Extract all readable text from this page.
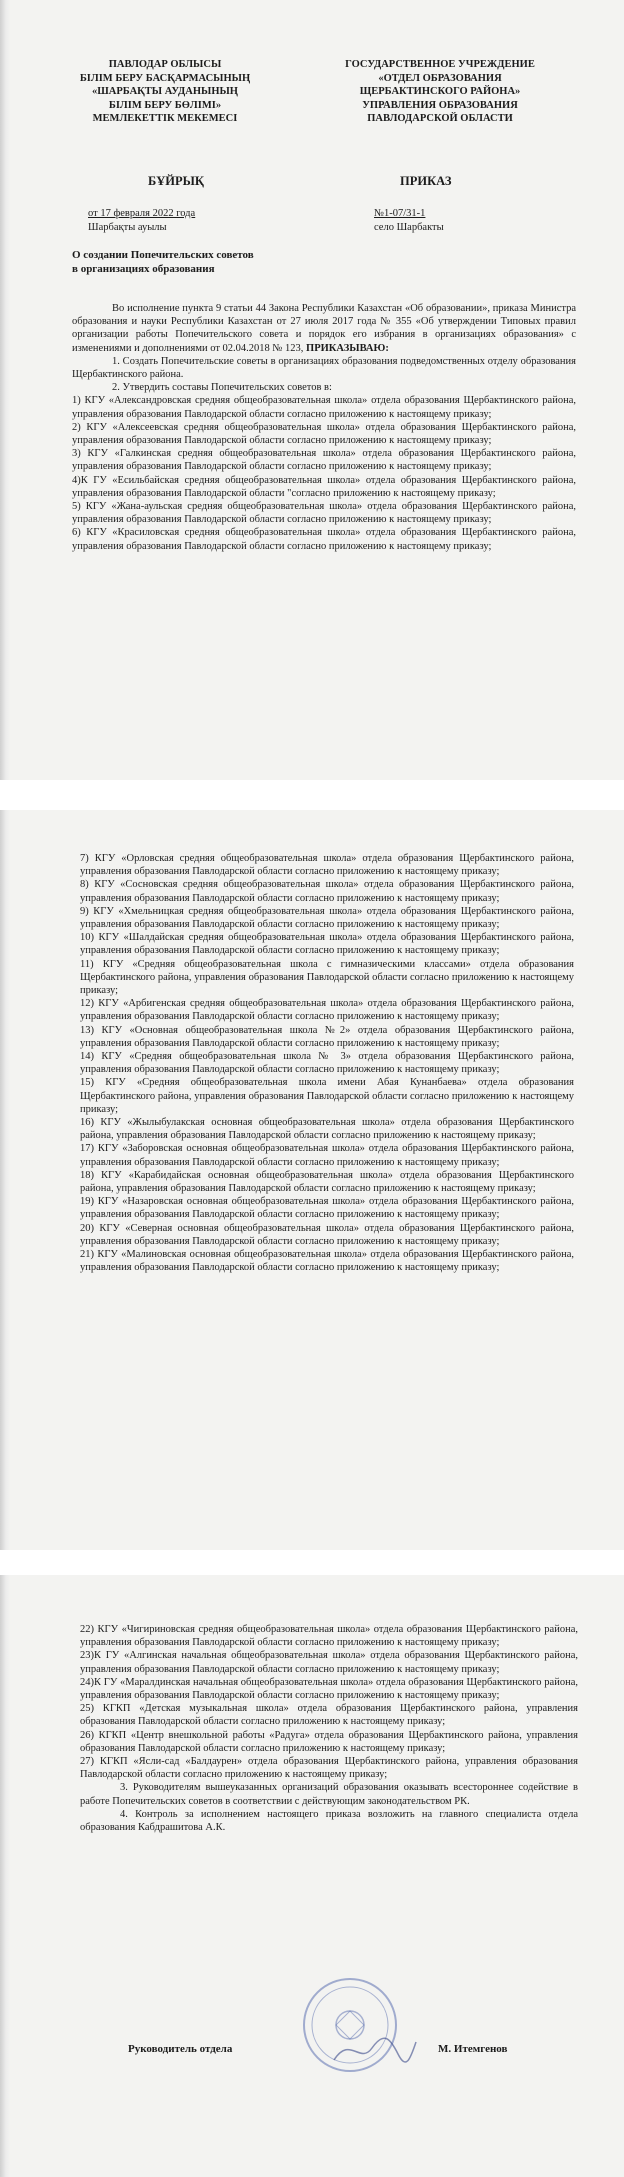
ПАВЛОДАР ОБЛЫСЫ
БІЛІМ БЕРУ БАСҚАРМАСЫНЫҢ
«ШАРБАҚТЫ АУДАНЫНЫҢ
БІЛІМ БЕРУ БӨЛІМІ»
МЕМЛЕКЕТТІК МЕКЕМЕСІ
ГОСУДАРСТВЕННОЕ УЧРЕЖДЕНИЕ
«ОТДЕЛ ОБРАЗОВАНИЯ
ЩЕРБАКТИНСКОГО РАЙОНА»
УПРАВЛЕНИЯ ОБРАЗОВАНИЯ
ПАВЛОДАРСКОЙ ОБЛАСТИ
БҰЙРЫҚ	ПРИКАЗ
от 17 февраля 2022 года
Шарбақты ауылы
№1-07/31-1
село Шарбакты
О создании Попечительских советов
в организациях образования

Во исполнение пункта 9 статьи 44 Закона Республики Казахстан «Об образовании», приказа Министра образования и науки Республики Казахстан от 27 июля 2017 года № 355 «Об утверждении Типовых правил организации работы Попечительского совета и порядок его избрания в организациях образования» с изменениями и дополнениями от 02.04.2018 № 123, ПРИКАЗЫВАЮ:

1. Создать Попечительские советы в организациях образования подведомственных отделу образования Щербактинского района.

2. Утвердить составы Попечительских советов в:

1) КГУ «Александровская средняя общеобразовательная школа» отдела образования Щербактинского района, управления образования Павлодарской области согласно приложению к настоящему приказу;

2) КГУ «Алексеевская средняя общеобразовательная школа» отдела образования Щербактинского района, управления образования Павлодарской области согласно приложению к настоящему приказу;

3) КГУ «Галкинская средняя общеобразовательная школа» отдела образования Щербактинского района, управления образования Павлодарской области согласно приложению к настоящему приказу;

4)К ГУ «Есильбайская средняя общеобразовательная школа» отдела образования Щербактинского района, управления образования Павлодарской области "согласно приложению к настоящему приказу;

5) КГУ «Жана-аульская средняя общеобразовательная школа» отдела образования Щербактинского района, управления образования Павлодарской области согласно приложению к настоящему приказу;

6) КГУ «Красиловская средняя общеобразовательная школа» отдела образования Щербактинского района, управления образования Павлодарской области согласно приложению к настоящему приказу;

7) КГУ «Орловская средняя общеобразовательная школа» отдела образования Щербактинского района, управления образования Павлодарской области согласно приложению к настоящему приказу;

8) КГУ «Сосновская средняя общеобразовательная школа» отдела образования Щербактинского района, управления образования Павлодарской области согласно приложению к настоящему приказу;

9) КГУ «Хмельницкая средняя общеобразовательная школа» отдела образования Щербактинского района, управления образования Павлодарской области согласно приложению к настоящему приказу;

10) КГУ «Шалдайская средняя общеобразовательная школа» отдела образования Щербактинского района, управления образования Павлодарской области согласно приложению к настоящему приказу;

11) КГУ «Средняя общеобразовательная школа с гимназическими классами» отдела образования Щербактинского района, управления образования Павлодарской области согласно приложению к настоящему приказу;

12) КГУ «Арбигенская средняя общеобразовательная школа» отдела образования Щербактинского района, управления образования Павлодарской области согласно приложению к настоящему приказу;

13) КГУ «Основная общеобразовательная школа №2» отдела образования Щербактинского района, управления образования Павлодарской области согласно приложению к настоящему приказу;

14) КГУ «Средняя общеобразовательная школа № 3» отдела образования Щербактинского района, управления образования Павлодарской области согласно приложению к настоящему приказу;

15) КГУ «Средняя общеобразовательная школа имени Абая Кунанбаева» отдела образования Щербактинского района, управления образования Павлодарской области согласно приложению к настоящему приказу;

16) КГУ «Жылыбулакская основная общеобразовательная школа» отдела образования Щербактинского района, управления образования Павлодарской области согласно приложению к настоящему приказу;

17) КГУ «Заборовская основная общеобразовательная школа» отдела образования Щербактинского района, управления образования Павлодарской области согласно приложению к настоящему приказу;

18) КГУ «Карабидайская основная общеобразовательная школа» отдела образования Щербактинского района, управления образования Павлодарской области согласно приложению к настоящему приказу;

19) КГУ «Назаровская основная общеобразовательная школа» отдела образования Щербактинского района, управления образования Павлодарской области согласно приложению к настоящему приказу;

20) КГУ «Северная основная общеобразовательная школа» отдела образования Щербактинского района, управления образования Павлодарской области согласно приложению к настоящему приказу;

21) КГУ «Малиновская основная общеобразовательная школа» отдела образования Щербактинского района, управления образования Павлодарской области согласно приложению к настоящему приказу;

22) КГУ «Чигириновская средняя общеобразовательная школа» отдела образования Щербактинского района, управления образования Павлодарской области согласно приложению к настоящему приказу;

23)К ГУ «Алгинская начальная общеобразовательная школа» отдела образования Щербактинского района, управления образования Павлодарской области согласно приложению к настоящему приказу;

24)К ГУ «Маралдинская начальная общеобразовательная школа» отдела образования Щербактинского района, управления образования Павлодарской области согласно приложению к настоящему приказу;

25) КГКП «Детская музыкальная школа» отдела образования Щербактинского района, управления образования Павлодарской области согласно приложению к настоящему приказу;

26) КГКП «Центр внешкольной работы «Радуга» отдела образования Щербактинского района, управления образования Павлодарской области согласно приложению к настоящему приказу;

27) КГКП «Ясли-сад «Балдаурен» отдела образования Щербактинского района, управления образования Павлодарской области согласно приложению к настоящему приказу;

3. Руководителям вышеуказанных организаций образования оказывать всестороннее содействие в работе Попечительских советов в соответствии с действующим законодательством РК.

4. Контроль за исполнением настоящего приказа возложить на главного специалиста отдела образования Кабдрашитова А.К.

Руководитель отдела	М. Итемгенов
